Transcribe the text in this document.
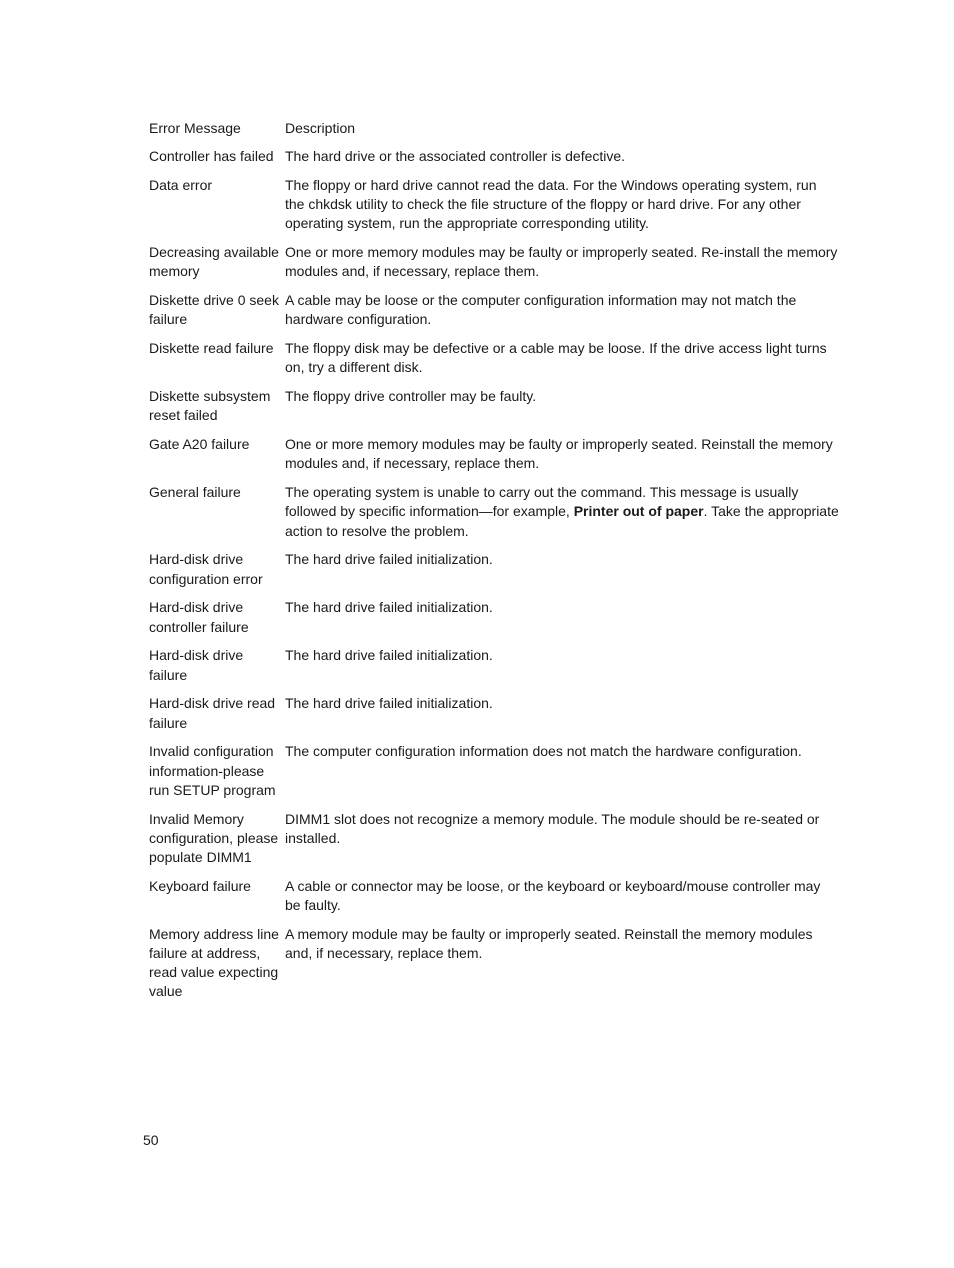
Error Message	Description
Controller has failed	The hard drive or the associated controller is defective.
Data error	The floppy or hard drive cannot read the data. For the Windows operating system, run the chkdsk utility to check the file structure of the floppy or hard drive. For any other operating system, run the appropriate corresponding utility.
Decreasing available memory	One or more memory modules may be faulty or improperly seated. Re-install the memory modules and, if necessary, replace them.
Diskette drive 0 seek failure	A cable may be loose or the computer configuration information may not match the hardware configuration.
Diskette read failure	The floppy disk may be defective or a cable may be loose. If the drive access light turns on, try a different disk.
Diskette subsystem reset failed	The floppy drive controller may be faulty.
Gate A20 failure	One or more memory modules may be faulty or improperly seated. Reinstall the memory modules and, if necessary, replace them.
General failure	The operating system is unable to carry out the command. This message is usually followed by specific information—for example, Printer out of paper. Take the appropriate action to resolve the problem.
Hard-disk drive configuration error	The hard drive failed initialization.
Hard-disk drive controller failure	The hard drive failed initialization.
Hard-disk drive failure	The hard drive failed initialization.
Hard-disk drive read failure	The hard drive failed initialization.
Invalid configuration information-please run SETUP program	The computer configuration information does not match the hardware configuration.
Invalid Memory configuration, please populate DIMM1	DIMM1 slot does not recognize a memory module. The module should be re-seated or installed.
Keyboard failure	A cable or connector may be loose, or the keyboard or keyboard/mouse controller may be faulty.
Memory address line failure at address, read value expecting value	A memory module may be faulty or improperly seated. Reinstall the memory modules and, if necessary, replace them.
50
